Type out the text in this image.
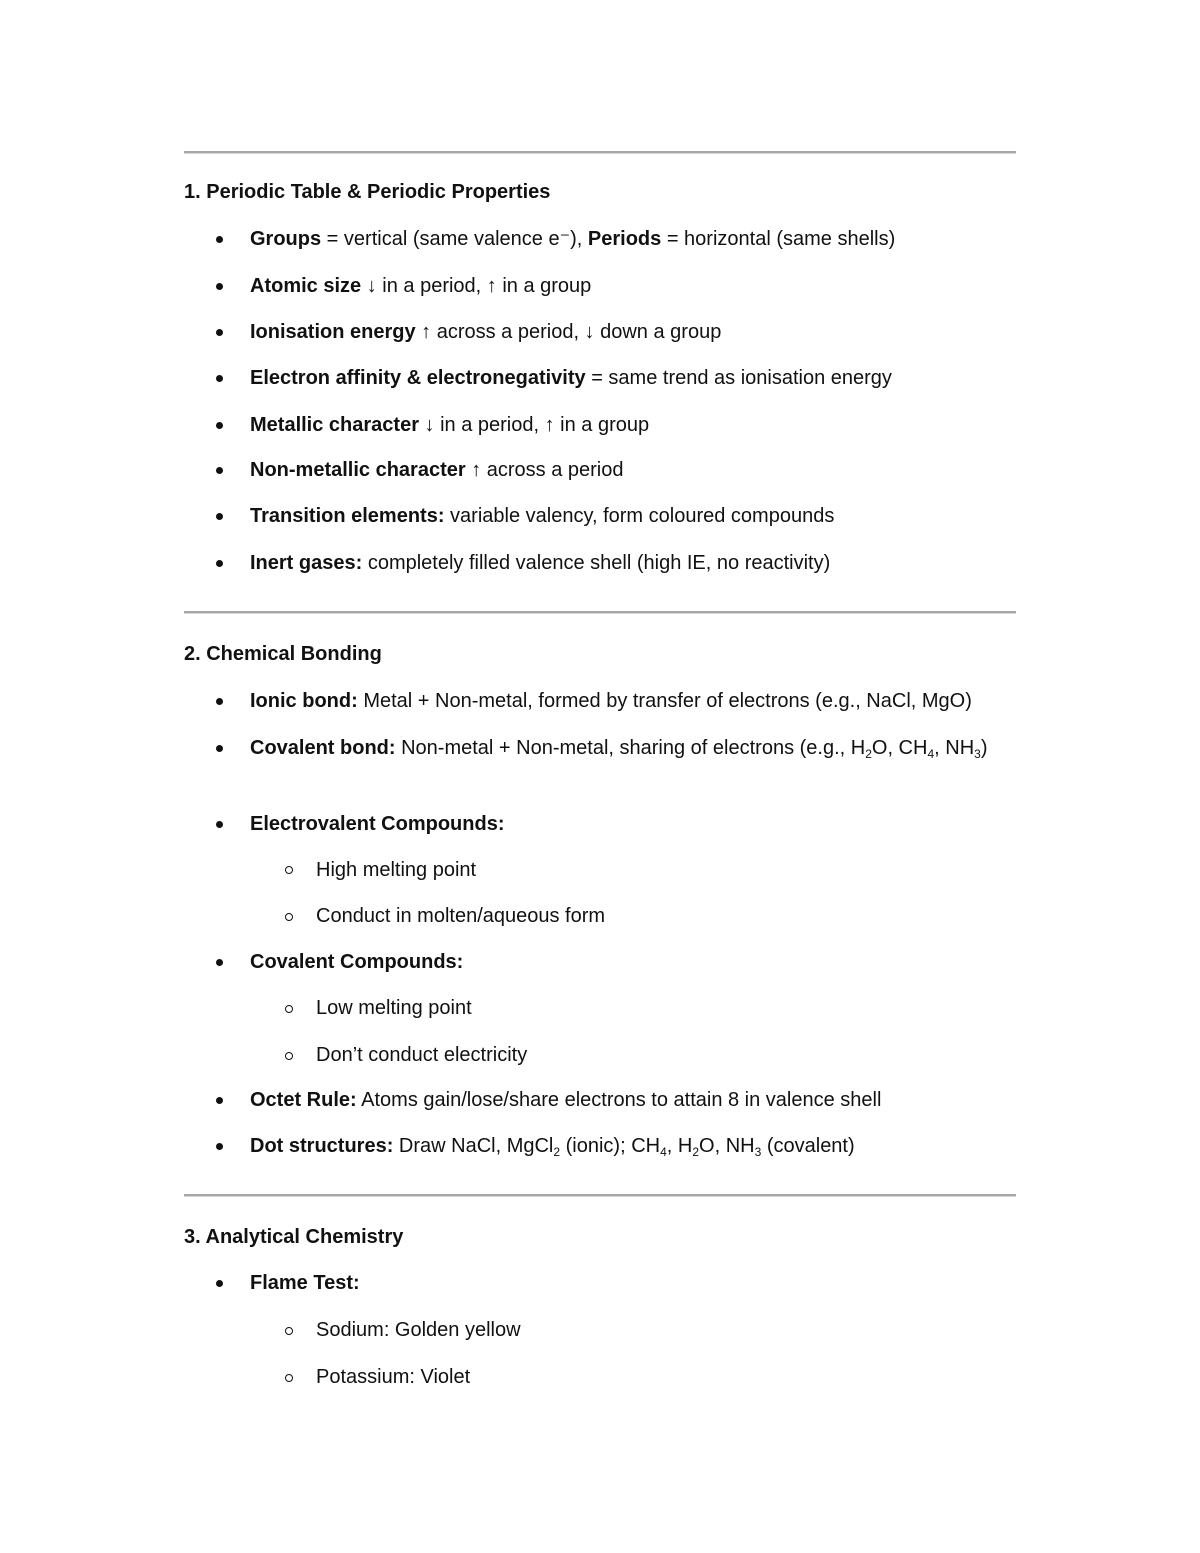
1. Periodic Table & Periodic Properties
Groups = vertical (same valence e⁻), Periods = horizontal (same shells)
Atomic size ↓ in a period, ↑ in a group
Ionisation energy ↑ across a period, ↓ down a group
Electron affinity & electronegativity = same trend as ionisation energy
Metallic character ↓ in a period, ↑ in a group
Non-metallic character ↑ across a period
Transition elements: variable valency, form coloured compounds
Inert gases: completely filled valence shell (high IE, no reactivity)
2. Chemical Bonding
Ionic bond: Metal + Non-metal, formed by transfer of electrons (e.g., NaCl, MgO)
Covalent bond: Non-metal + Non-metal, sharing of electrons (e.g., $H_2O$, $CH_4$, $NH_3$)
Electrovalent Compounds:
High melting point
Conduct in molten/aqueous form
Covalent Compounds:
Low melting point
Don’t conduct electricity
Octet Rule: Atoms gain/lose/share electrons to attain 8 in valence shell
Dot structures: Draw NaCl, MgCl$_2$ (ionic); $CH_4$, $H_2O$, $NH_3$ (covalent)
3. Analytical Chemistry
Flame Test:
Sodium: Golden yellow
Potassium: Violet
